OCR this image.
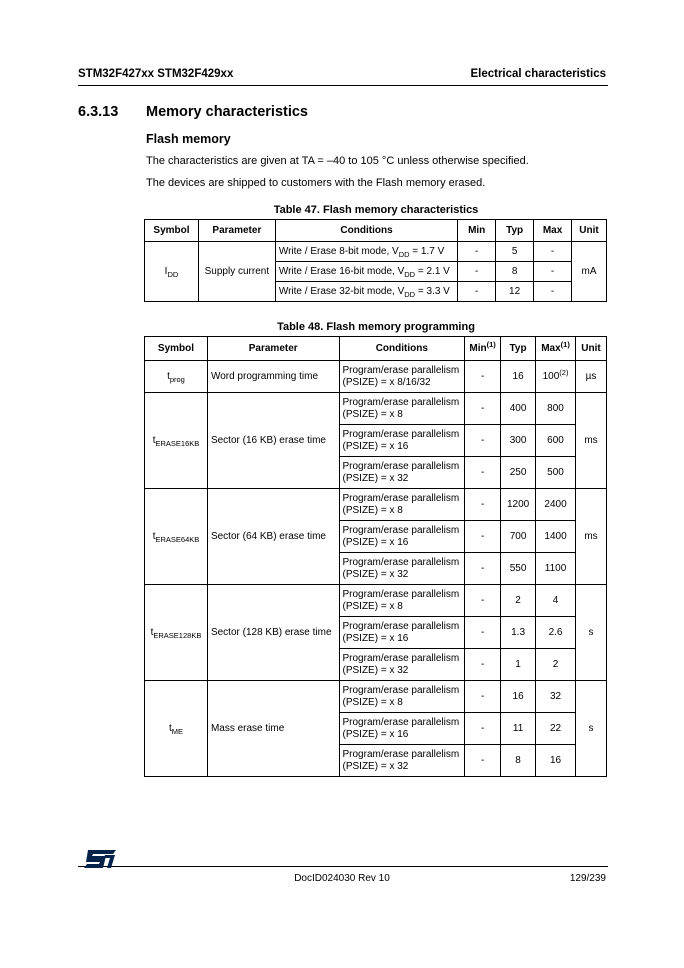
STM32F427xx STM32F429xx	Electrical characteristics
6.3.13 Memory characteristics
Flash memory
The characteristics are given at TA = –40 to 105 °C unless otherwise specified.
The devices are shipped to customers with the Flash memory erased.
Table 47. Flash memory characteristics
Symbol	Parameter	Conditions	Min	Typ	Max	Unit
$I_{DD}$	Supply current	Write / Erase 8-bit mode, $V_{DD} = 1.7$ V	-	5	-	mA
		Write / Erase 16-bit mode, $V_{DD} = 2.1$ V	-	8	-	
		Write / Erase 32-bit mode, $V_{DD} = 3.3$ V	-	12	-	
Table 48. Flash memory programming
Symbol	Parameter	Conditions	Min$^{(1)}$	Typ	Max$^{(1)}$	Unit
$t_{prog}$	Word programming time	Program/erase parallelism
(PSIZE) = x 8/16/32	-	16	100$^{(2)}$	µs
$t_{ERASE16KB}$	Sector (16 KB) erase time	Program/erase parallelism
(PSIZE) = x 8	-	400	800	ms

		Program/erase parallelism
(PSIZE) = x 16	-	300	600	

		Program/erase parallelism
(PSIZE) = x 32	-	250	500	
$t_{ERASE64KB}$	Sector (64 KB) erase time	Program/erase parallelism
(PSIZE) = x 8	-	1200	2400	ms

		Program/erase parallelism
(PSIZE) = x 16	-	700	1400	

		Program/erase parallelism
(PSIZE) = x 32	-	550	1100	
$t_{ERASE128KB}$	Sector (128 KB) erase time	Program/erase parallelism
(PSIZE) = x 8	-	2	4	s

		Program/erase parallelism
(PSIZE) = x 16	-	1.3	2.6	

		Program/erase parallelism
(PSIZE) = x 32	-	1	2	
$t_{ME}$	Mass erase time	Program/erase parallelism
(PSIZE) = x 8	-	16	32	s

		Program/erase parallelism
(PSIZE) = x 16	-	11	22	

		Program/erase parallelism
(PSIZE) = x 32	-	8	16	
DocID024030 Rev 10	129/239
